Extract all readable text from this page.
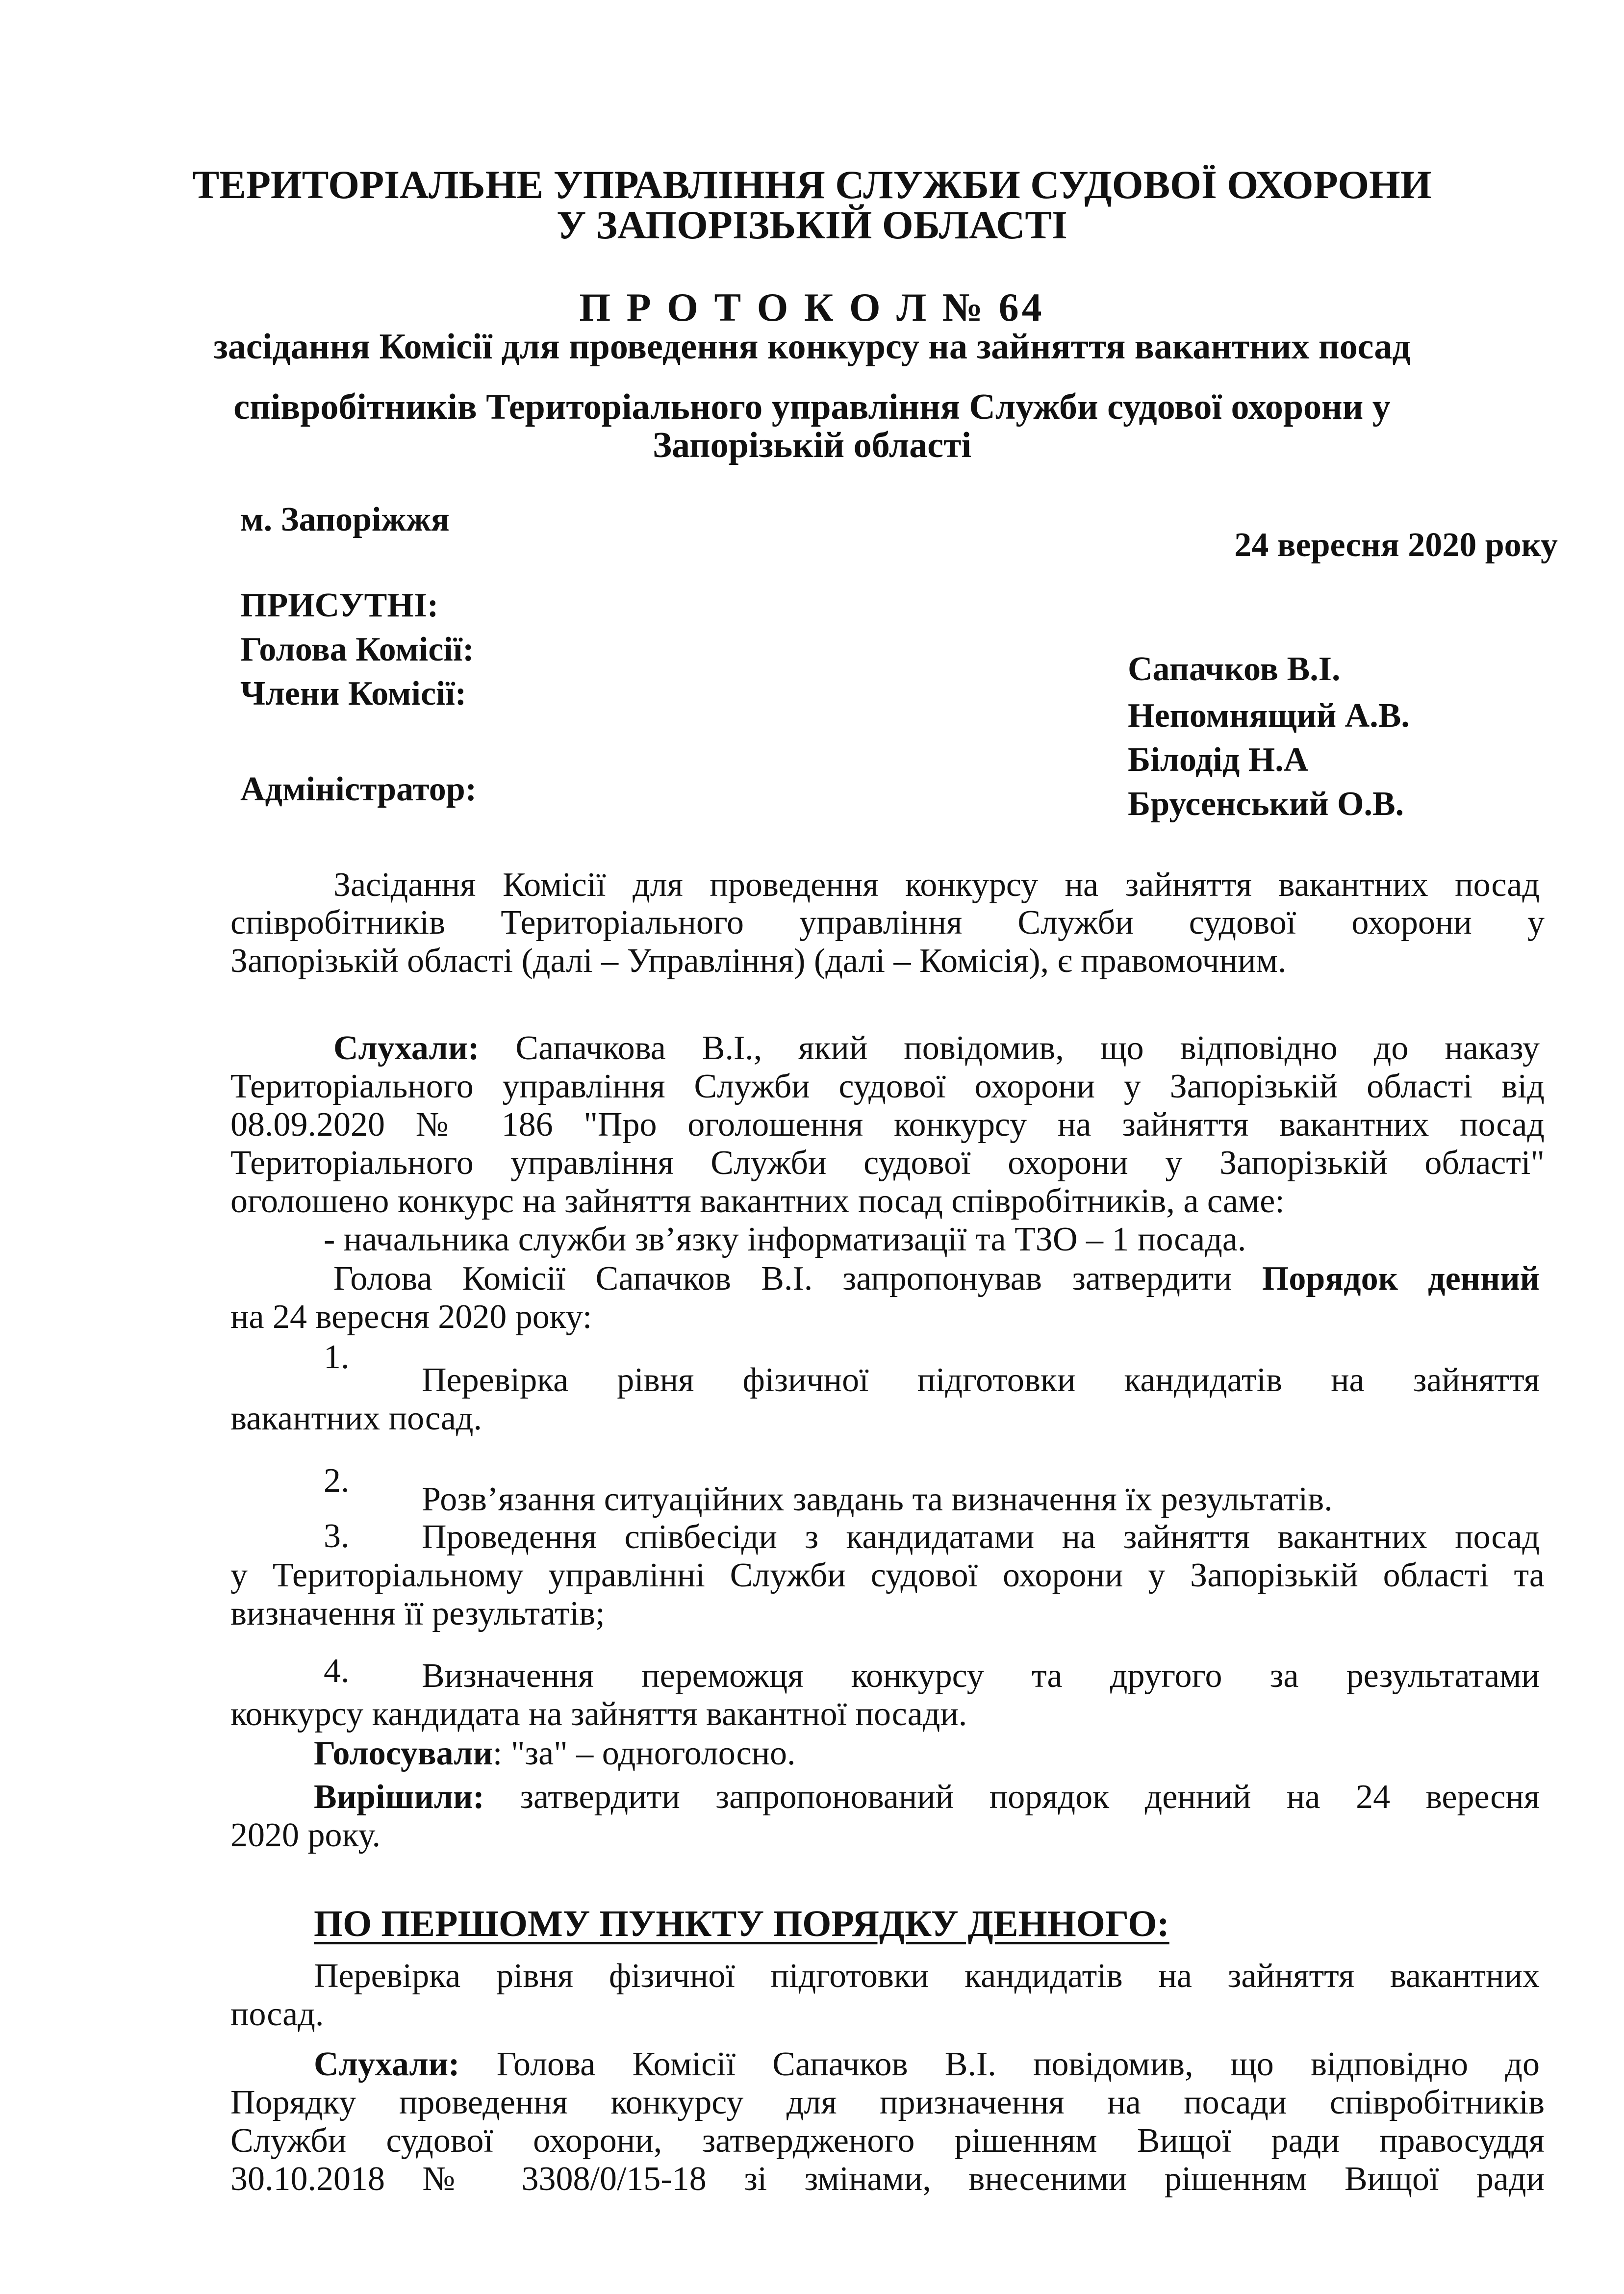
ТЕРИТОРІАЛЬНЕ УПРАВЛІННЯ СЛУЖБИ СУДОВОЇ ОХОРОНИ
У ЗАПОРІЗЬКІЙ ОБЛАСТІ
П Р О Т О К О Л № 64
засідання Комісії для проведення конкурсу на зайняття вакантних посад
співробітників Територіального управління Служби судової охорони у
Запорізькій області
м. Запоріжжя
24 вересня 2020 року
ПРИСУТНІ:
Голова Комісії:
Члени Комісії:
Адміністратор:
Сапачков В.І.
Непомнящий А.В.
Білодід Н.А
Брусенський О.В.
Засідання Комісії для проведення конкурсу на зайняття вакантних посад
співробітників Територіального управління Служби судової охорони у
Запорізькій області (далі – Управління) (далі – Комісія), є правомочним.
Слухали: Сапачкова В.І., який повідомив, що відповідно до наказу
Територіального управління Служби судової охорони у Запорізькій області від
08.09.2020 № 186 "Про оголошення конкурсу на зайняття вакантних посад
Територіального управління Служби судової охорони у Запорізькій області"
оголошено конкурс на зайняття вакантних посад співробітників, а саме:
- начальника служби зв’язку інформатизації та ТЗО – 1 посада.
Голова Комісії Сапачков В.І. запропонував затвердити Порядок денний
на 24 вересня 2020 року:
1.
Перевірка рівня фізичної підготовки кандидатів на зайняття
вакантних посад.
2. Розв’язання ситуаційних завдань та визначення їх результатів.
3. Проведення співбесіди з кандидатами на зайняття вакантних посад
у Територіальному управлінні Служби судової охорони у Запорізькій області та
визначення її результатів;
4. Визначення переможця конкурсу та другого за результатами
конкурсу кандидата на зайняття вакантної посади.
Голосували: "за" – одноголосно.
Вирішили: затвердити запропонований порядок денний на 24 вересня
2020 року.
ПО ПЕРШОМУ ПУНКТУ ПОРЯДКУ ДЕННОГО:
Перевірка рівня фізичної підготовки кандидатів на зайняття вакантних
посад.
Слухали: Голова Комісії Сапачков В.І. повідомив, що відповідно до
Порядку проведення конкурсу для призначення на посади співробітників
Служби судової охорони, затвердженого рішенням Вищої ради правосуддя
30.10.2018 № 3308/0/15-18 зі змінами, внесеними рішенням Вищої ради
